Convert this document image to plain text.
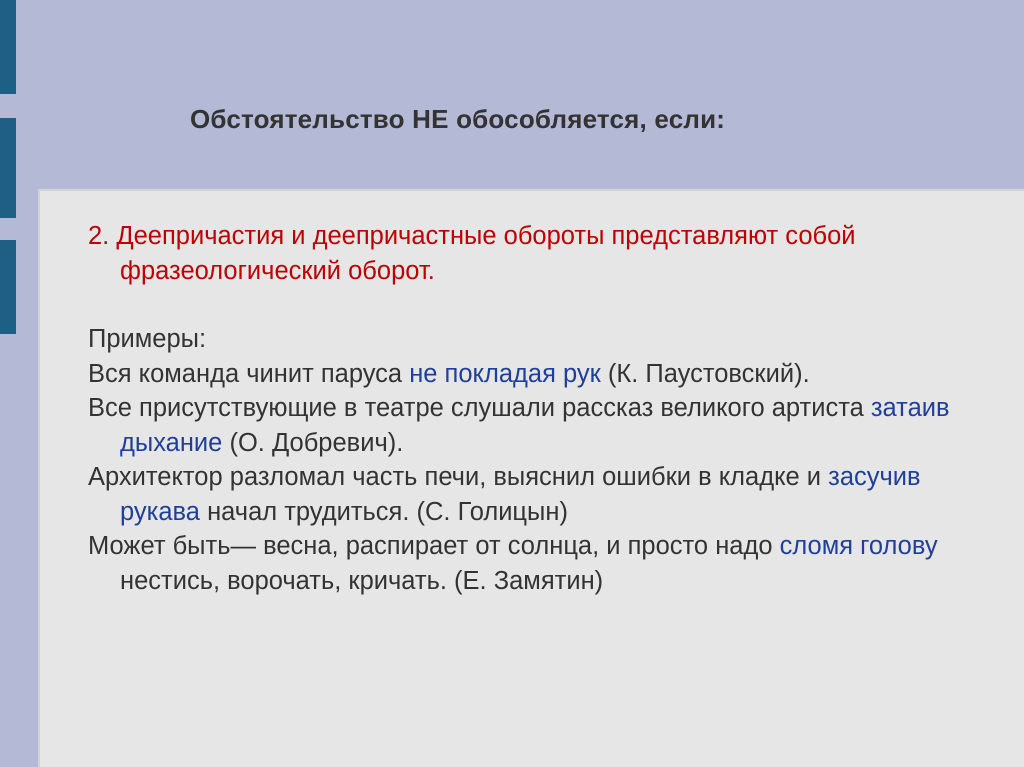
Обстоятельство НЕ обособляется, если:

2. Деепричастия и деепричастные обороты представляют собой фразеологический оборот.

Примеры:

Вся команда чинит паруса не покладая рук (К. Паустовский).

Все присутствующие в театре слушали рассказ великого артиста затаив дыхание (О. Добревич).

Архитектор разломал часть печи, выяснил ошибки в кладке и засучив рукава начал трудиться. (С. Голицын)

Может быть— весна, распирает от солнца, и просто надо сломя голову нестись, ворочать, кричать. (Е. Замятин)
